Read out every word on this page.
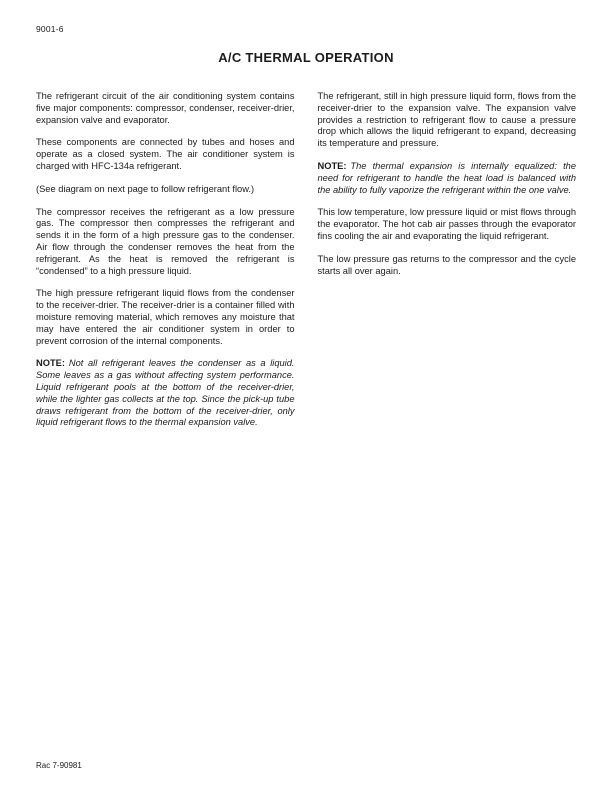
9001-6
A/C THERMAL OPERATION

The refrigerant circuit of the air conditioning system contains five major components: compressor, condenser, receiver-drier, expansion valve and evaporator.

These components are connected by tubes and hoses and operate as a closed system. The air conditioner system is charged with HFC-134a refrigerant.

(See diagram on next page to follow refrigerant flow.)

The compressor receives the refrigerant as a low pressure gas. The compressor then compresses the refrigerant and sends it in the form of a high pressure gas to the condenser. Air flow through the condenser removes the heat from the refrigerant. As the heat is removed the refrigerant is “condensed” to a high pressure liquid.

The high pressure refrigerant liquid flows from the condenser to the receiver-drier. The receiver-drier is a container filled with moisture removing material, which removes any moisture that may have entered the air conditioner system in order to prevent corrosion of the internal components.

NOTE: Not all refrigerant leaves the condenser as a liquid. Some leaves as a gas without affecting system performance. Liquid refrigerant pools at the bottom of the receiver-drier, while the lighter gas collects at the top. Since the pick-up tube draws refrigerant from the bottom of the receiver-drier, only liquid refrigerant flows to the thermal expansion valve.

The refrigerant, still in high pressure liquid form, flows from the receiver-drier to the expansion valve. The expansion valve provides a restriction to refrigerant flow to cause a pressure drop which allows the liquid refrigerant to expand, decreasing its temperature and pressure.

NOTE: The thermal expansion is internally equalized: the need for refrigerant to handle the heat load is balanced with the ability to fully vaporize the refrigerant within the one valve.

This low temperature, low pressure liquid or mist flows through the evaporator. The hot cab air passes through the evaporator fins cooling the air and evaporating the liquid refrigerant.

The low pressure gas returns to the compressor and the cycle starts all over again.

Rac 7-90981
